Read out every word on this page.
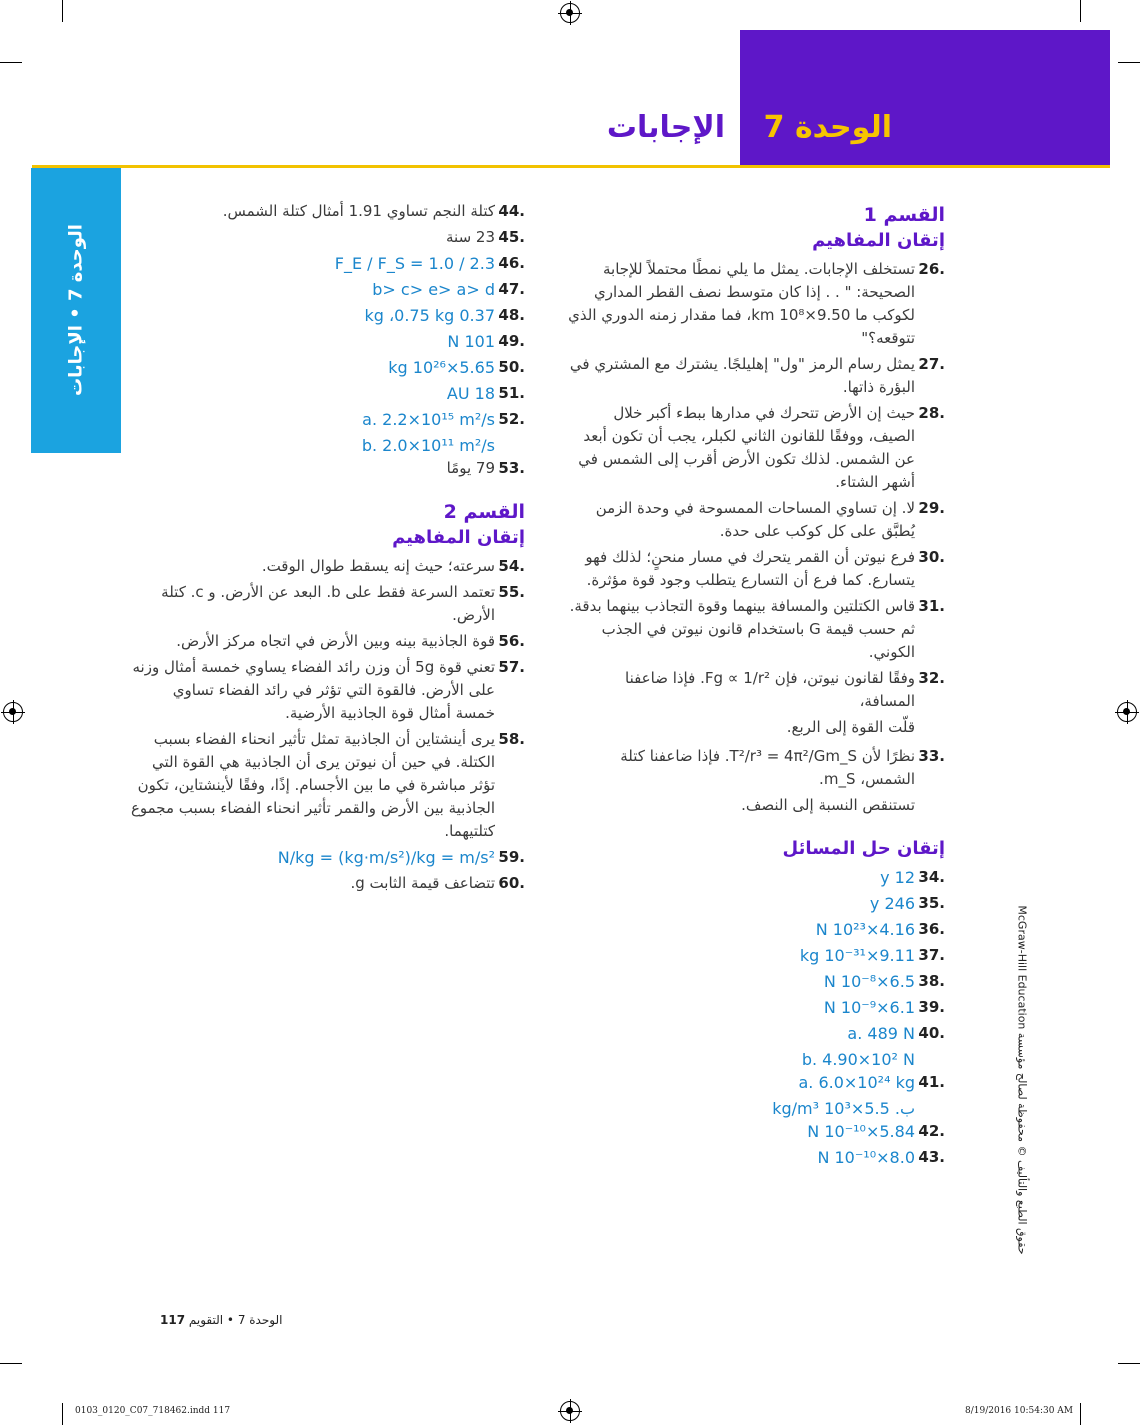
الوحدة 7
الإجابات
الوحدة 7 • الإجابات
القسم 1
إتقان المفاهيم
.26
تستخلف الإجابات. يمثل ما يلي نمطًا محتملاً للإجابة الصحيحة: " . . إذا كان متوسط نصف القطر المداري لكوكب ما 9.50×10⁸ km، فما مقدار زمنه الدوري الذي تتوقعه؟"
.27
يمثل رسام الرمز "ول" إهليلجًا. يشترك مع المشتري في البؤرة ذاتها.
.28
حيث إن الأرض تتحرك في مدارها ببطء أكبر خلال الصيف، ووفقًا للقانون الثاني لكبلر، يجب أن تكون أبعد عن الشمس. لذلك تكون الأرض أقرب إلى الشمس في أشهر الشتاء.
.29
لا. إن تساوي المساحات الممسوحة في وحدة الزمن يُطبَّق على كل كوكب على حدة.
.30
فرع نيوتن أن القمر يتحرك في مسار منحنٍ؛ لذلك فهو يتسارع. كما فرع أن التسارع يتطلب وجود قوة مؤثرة.
.31
قاس الكتلتين والمسافة بينهما وقوة التجاذب بينهما بدقة. ثم حسب قيمة G باستخدام قانون نيوتن في الجذب الكوني.
.32
وفقًا لقانون نيوتن، فإن Fg ∝ 1/r². فإذا ضاعفنا المسافة،
قلّت القوة إلى الربع.
.33
نظرًا لأن T²/r³ = 4π²/Gm_S. فإذا ضاعفنا كتلة الشمس، m_S.
تستنقص النسبة إلى النصف.
إتقان حل المسائل
.34
12 y
.35
246 y
.36
4.16×10²³ N
.37
9.11×10⁻³¹ kg
.38
6.5×10⁻⁸ N
.39
6.1×10⁻⁹ N
.40
a. 489 N
b. 4.90×10² N
.41
a. 6.0×10²⁴ kg
ب. 5.5×10³ kg/m³
.42
5.84×10⁻¹⁰ N
.43
8.0×10⁻¹⁰ N
.44
كتلة النجم تساوي 1.91 أمثال كتلة الشمس.
.45
23 سنة
.46
F_E / F_S = 1.0 / 2.3
.47
b> c> e> a> d
.48
0.37 kg ،0.75 kg
.49
101 N
.50
5.65×10²⁶ kg
.51
18 AU
.52
a. 2.2×10¹⁵ m²/s
b. 2.0×10¹¹ m²/s
.53
79 يومًا
القسم 2
إتقان المفاهيم
.54
سرعته؛ حيث إنه يسقط طوال الوقت.
.55
تعتمد السرعة فقط على b. البعد عن الأرض. و c. كتلة الأرض.
.56
قوة الجاذبية بينه وبين الأرض في اتجاه مركز الأرض.
.57
تعني قوة 5g أن وزن رائد الفضاء يساوي خمسة أمثال وزنه على الأرض. فالقوة التي تؤثر في رائد الفضاء تساوي خمسة أمثال قوة الجاذبية الأرضية.
.58
يرى أينشتاين أن الجاذبية تمثل تأثير انحناء الفضاء بسبب الكتلة. في حين أن نيوتن يرى أن الجاذبية هي القوة التي تؤثر مباشرة في ما بين الأجسام. إذًا، وفقًا لأينشتاين، تكون الجاذبية بين الأرض والقمر تأثير انحناء الفضاء بسبب مجموع كتلتيهما.
.59
N/kg = (kg·m/s²)/kg = m/s²
.60
تتضاعف قيمة الثابت g.
حقوق الطبع والتأليف © محفوظة لصالح مؤسسة McGraw-Hill Education
الوحدة 7 • التقويم 117
0103_0120_C07_718462.indd 117	8/19/2016 10:54:30 AM
